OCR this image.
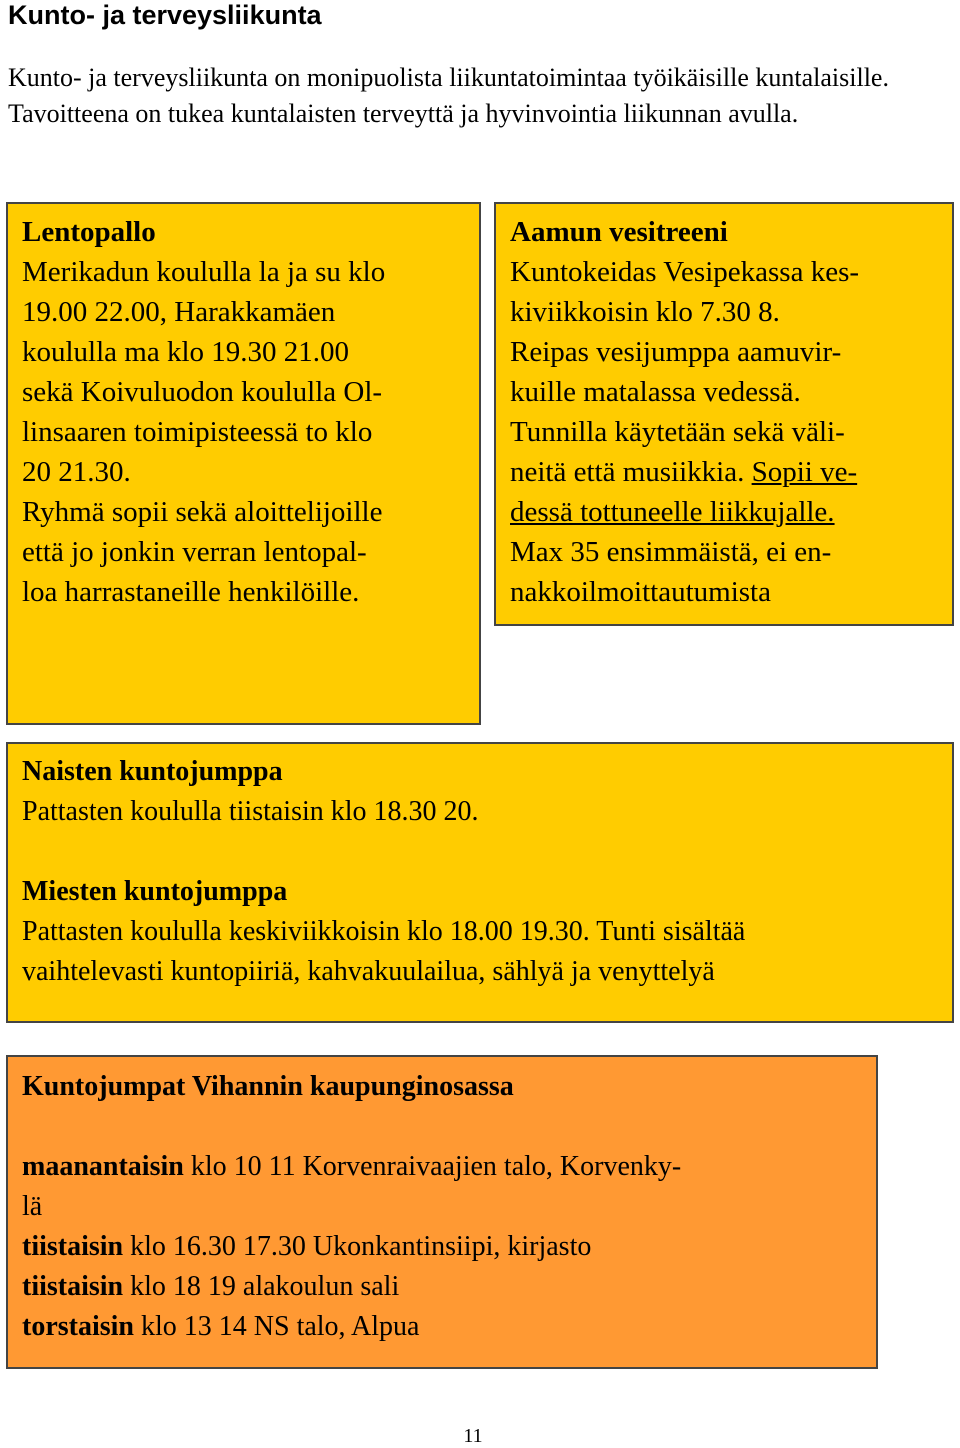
Kunto- ja terveysliikunta
Kunto- ja terveysliikunta on monipuolista liikuntatoimintaa työikäisille kuntalaisille. Tavoitteena on tukea kuntalaisten terveyttä ja hyvinvointia liikunnan avulla.

Lentopallo

Merikadun koululla la ja su klo

19.00 22.00, Harakkamäen

koululla ma klo 19.30 21.00

sekä Koivuluodon koululla Ol-

linsaaren toimipisteessä to klo

20 21.30.

Ryhmä sopii sekä aloittelijoille

että jo jonkin verran lentopal-

loa harrastaneille henkilöille.

Aamun vesitreeni

Kuntokeidas Vesipekassa kes-

kiviikkoisin klo 7.30 8.

Reipas vesijumppa aamuvir-

kuille matalassa vedessä.

Tunnilla käytetään sekä väli-

neitä että musiikkia. Sopii ve-

dessä tottuneelle liikkujalle.

Max 35 ensimmäistä, ei en-

nakkoilmoittautumista

Naisten kuntojumppa

Pattasten koululla tiistaisin klo 18.30 20.

Miesten kuntojumppa

Pattasten koululla keskiviikkoisin klo 18.00 19.30. Tunti sisältää

vaihtelevasti kuntopiiriä, kahvakuulailua, sählyä ja venyttelyä

Kuntojumpat Vihannin kaupunginosassa

maanantaisin klo 10 11 Korvenraivaajien talo, Korvenky-

lä

tiistaisin klo 16.30 17.30 Ukonkantinsiipi, kirjasto

tiistaisin klo 18 19 alakoulun sali

torstaisin klo 13 14 NS talo, Alpua

11
